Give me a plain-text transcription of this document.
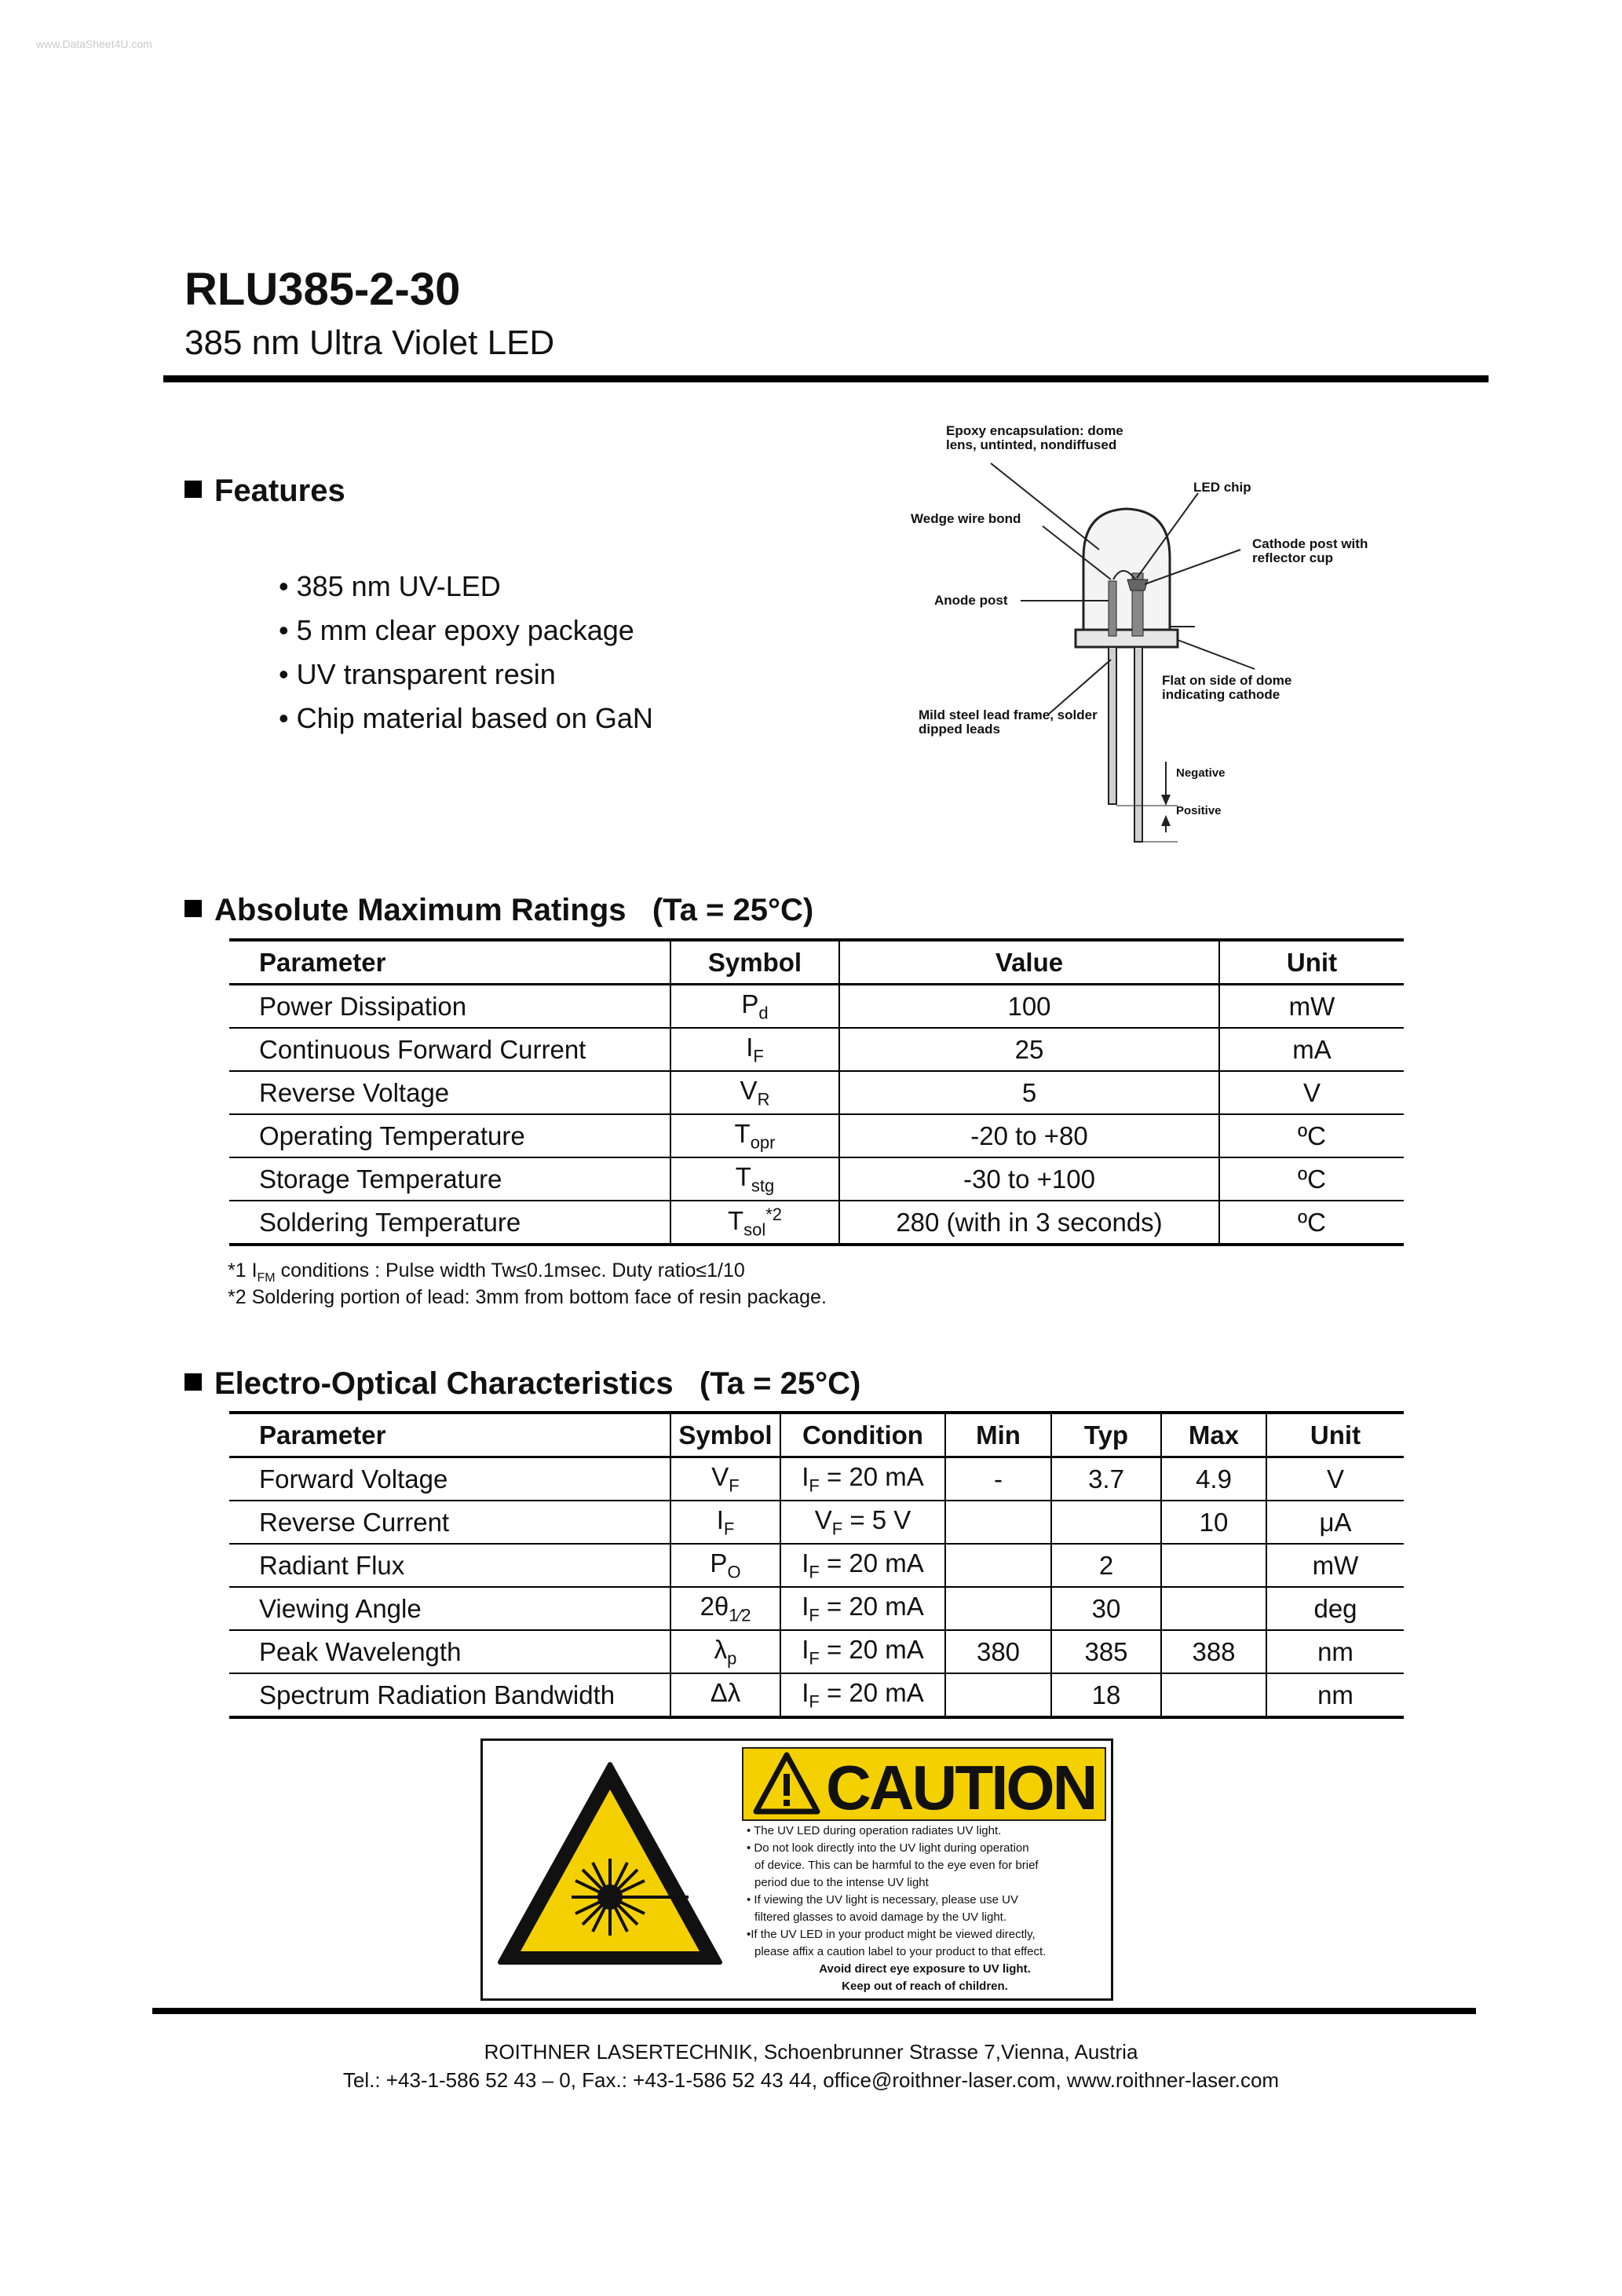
www.DataSheet4U.com
RLU385-2-30
385 nm Ultra Violet LED
Features
• 385 nm UV-LED
• 5 mm clear epoxy package
• UV transparent resin
• Chip material based on GaN
Epoxy encapsulation: dome lens, untinted, nondiffused
LED chip
Wedge wire bond
Cathode post with reflector cup
Anode post
Flat on side of dome indicating cathode
Mild steel lead frame, solder dipped leads
Negative
Positive
Absolute Maximum Ratings   (Ta = 25°C)
Parameter	Symbol	Value	Unit
Power Dissipation	$P_d$	100	mW
Continuous Forward Current	$I_F$	25	mA
Reverse Voltage	$V_R$	5	V
Operating Temperature	$T_{opr}$	-20 to +80	ºC
Storage Temperature	$T_{stg}$	-30 to +100	ºC
Soldering Temperature	$T_{sol}^{*2}$	280 (with in 3 seconds)	ºC
*1 $I_{FM}$ conditions : Pulse width Tw≤0.1msec. Duty ratio≤1/10
*2 Soldering portion of lead: 3mm from bottom face of resin package.
Electro-Optical Characteristics   (Ta = 25°C)
Parameter	Symbol	Condition	Min	Typ	Max	Unit
Forward Voltage	$V_F$	$I_F = 20$ mA	-	3.7	4.9	V
Reverse Current	$I_F$	$V_F = 5$ V			10	μA
Radiant Flux	$P_O$	$I_F = 20$ mA		2		mW
Viewing Angle	$2\theta_{1⁄2}$	$I_F = 20$ mA		30		deg
Peak Wavelength	$\lambda_p$	$I_F = 20$ mA	380	385	388	nm
Spectrum Radiation Bandwidth	Δλ	$I_F = 20$ mA		18		nm
CAUTION
• The UV LED during operation radiates UV light.
• Do not look directly into the UV light during operation
of device. This can be harmful to the eye even for brief
period due to the intense UV light
• If viewing the UV light is necessary, please use UV
filtered glasses to avoid damage by the UV light.
•If the UV LED in your product might be viewed directly,
please affix a caution label to your product to that effect.
Avoid direct eye exposure to UV light.
Keep out of reach of children.
ROITHNER LASERTECHNIK, Schoenbrunner Strasse 7,Vienna, Austria
Tel.: +43-1-586 52 43 – 0, Fax.: +43-1-586 52 43 44, office@roithner-laser.com, www.roithner-laser.com
